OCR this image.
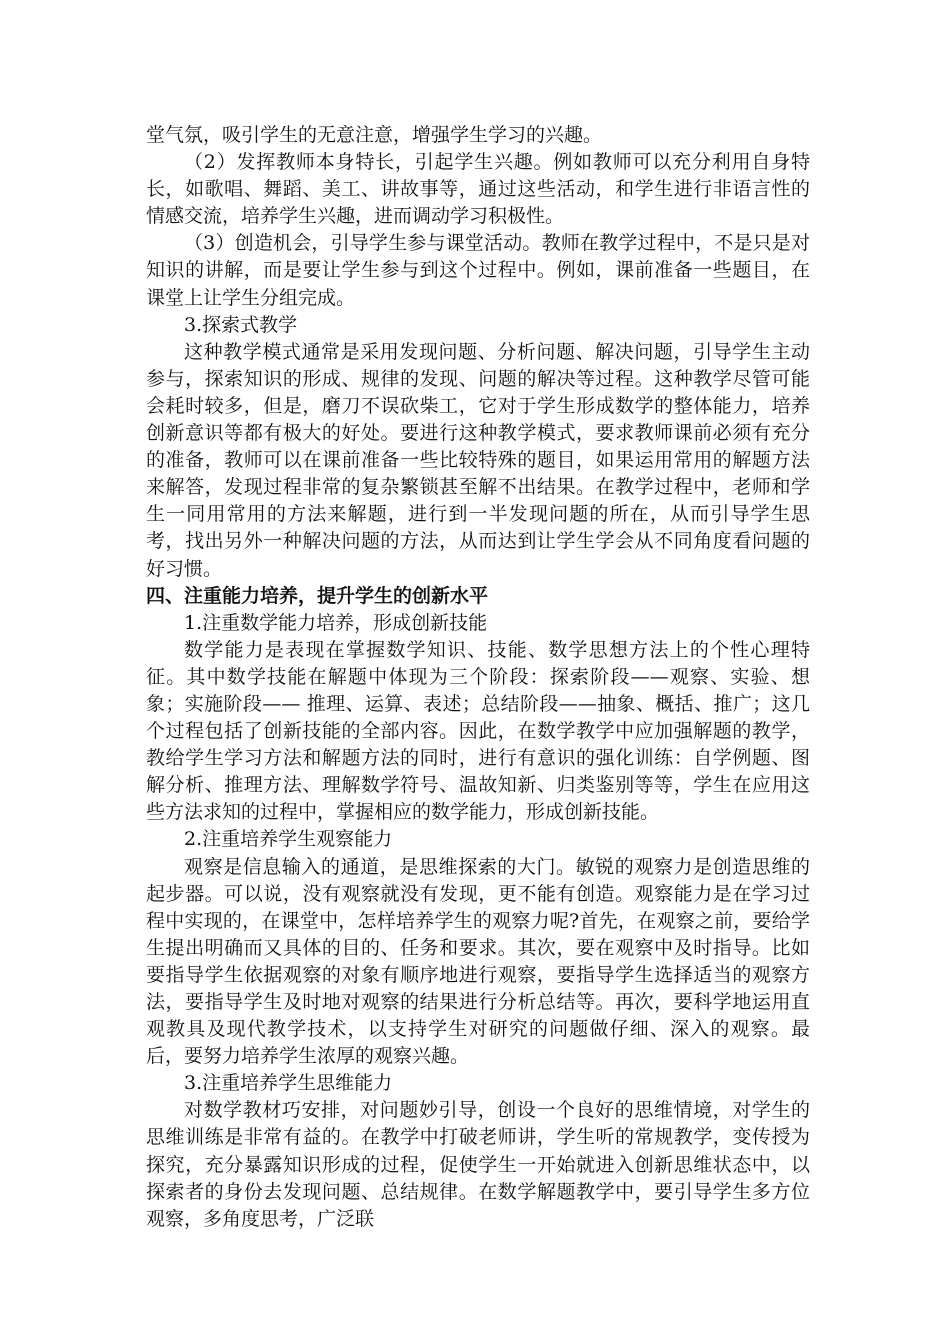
堂气氛，吸引学生的无意注意，增强学生学习的兴趣。

（2）发挥教师本身特长，引起学生兴趣。例如教师可以充分利用自身特长，如歌唱、舞蹈、美工、讲故事等，通过这些活动，和学生进行非语言性的情感交流，培养学生兴趣，进而调动学习积极性。

（3）创造机会，引导学生参与课堂活动。教师在教学过程中，不是只是对知识的讲解，而是要让学生参与到这个过程中。例如，课前准备一些题目，在课堂上让学生分组完成。

3.探索式教学

这种教学模式通常是采用发现问题、分析问题、解决问题，引导学生主动参与，探索知识的形成、规律的发现、问题的解决等过程。这种教学尽管可能会耗时较多，但是，磨刀不误砍柴工，它对于学生形成数学的整体能力，培养创新意识等都有极大的好处。要进行这种教学模式，要求教师课前必须有充分的准备，教师可以在课前准备一些比较特殊的题目，如果运用常用的解题方法来解答，发现过程非常的复杂繁锁甚至解不出结果。在教学过程中，老师和学生一同用常用的方法来解题，进行到一半发现问题的所在，从而引导学生思考，找出另外一种解决问题的方法，从而达到让学生学会从不同角度看问题的好习惯。

四、注重能力培养，提升学生的创新水平

1.注重数学能力培养，形成创新技能

数学能力是表现在掌握数学知识、技能、数学思想方法上的个性心理特征。其中数学技能在解题中体现为三个阶段：探索阶段——观察、实验、想象；实施阶段—— 推理、运算、表述；总结阶段——抽象、概括、推广；这几个过程包括了创新技能的全部内容。因此，在数学教学中应加强解题的教学，教给学生学习方法和解题方法的同时，进行有意识的强化训练：自学例题、图解分析、推理方法、理解数学符号、温故知新、归类鉴别等等，学生在应用这些方法求知的过程中，掌握相应的数学能力，形成创新技能。

2.注重培养学生观察能力

观察是信息输入的通道，是思维探索的大门。敏锐的观察力是创造思维的起步器。可以说，没有观察就没有发现，更不能有创造。观察能力是在学习过程中实现的，在课堂中，怎样培养学生的观察力呢?首先，在观察之前，要给学生提出明确而又具体的目的、任务和要求。其次，要在观察中及时指导。比如要指导学生依据观察的对象有顺序地进行观察，要指导学生选择适当的观察方法，要指导学生及时地对观察的结果进行分析总结等。再次，要科学地运用直观教具及现代教学技术，以支持学生对研究的问题做仔细、深入的观察。最后，要努力培养学生浓厚的观察兴趣。

3.注重培养学生思维能力

对数学教材巧安排，对问题妙引导，创设一个良好的思维情境，对学生的思维训练是非常有益的。在教学中打破老师讲，学生听的常规教学，变传授为探究，充分暴露知识形成的过程，促使学生一开始就进入创新思维状态中，以探索者的身份去发现问题、总结规律。在数学解题教学中，要引导学生多方位观察，多角度思考，广泛联
